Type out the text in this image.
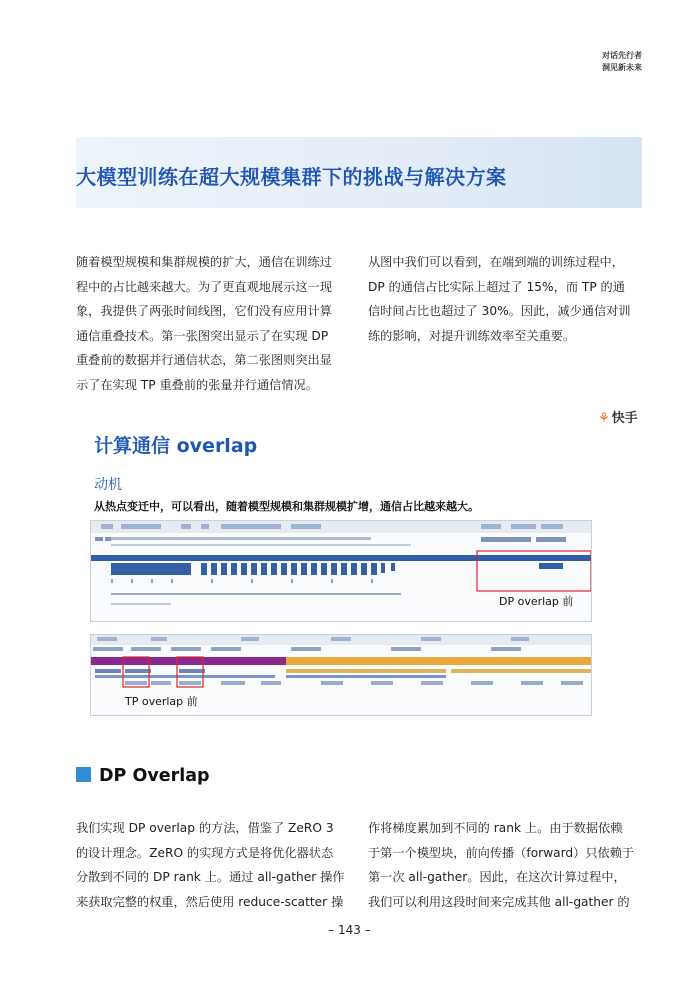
对话先行者
洞见新未来
大模型训练在超大规模集群下的挑战与解决方案
随着模型规模和集群规模的扩大，通信在训练过
程中的占比越来越大。为了更直观地展示这一现
象，我提供了两张时间线图，它们没有应用计算
通信重叠技术。第一张图突出显示了在实现 DP
重叠前的数据并行通信状态，第二张图则突出显
示了在实现 TP 重叠前的张量并行通信情况。
从图中我们可以看到，在端到端的训练过程中，
DP 的通信占比实际上超过了 15%，而 TP 的通
信时间占比也超过了 30%。因此，减少通信对训
练的影响，对提升训练效率至关重要。
⚘ 快手
计算通信 overlap
动机
从热点变迁中，可以看出，随着模型规模和集群规模扩增，通信占比越来越大。
DP overlap 前
TP overlap 前
DP Overlap
我们实现 DP overlap 的方法，借鉴了 ZeRO 3
的设计理念。ZeRO 的实现方式是将优化器状态
分散到不同的 DP rank 上。通过 all-gather 操作
来获取完整的权重，然后使用 reduce-scatter 操
作将梯度累加到不同的 rank 上。由于数据依赖
于第一个模型块，前向传播（forward）只依赖于
第一次 all-gather。因此，在这次计算过程中，
我们可以利用这段时间来完成其他 all-gather 的
– 143 –
